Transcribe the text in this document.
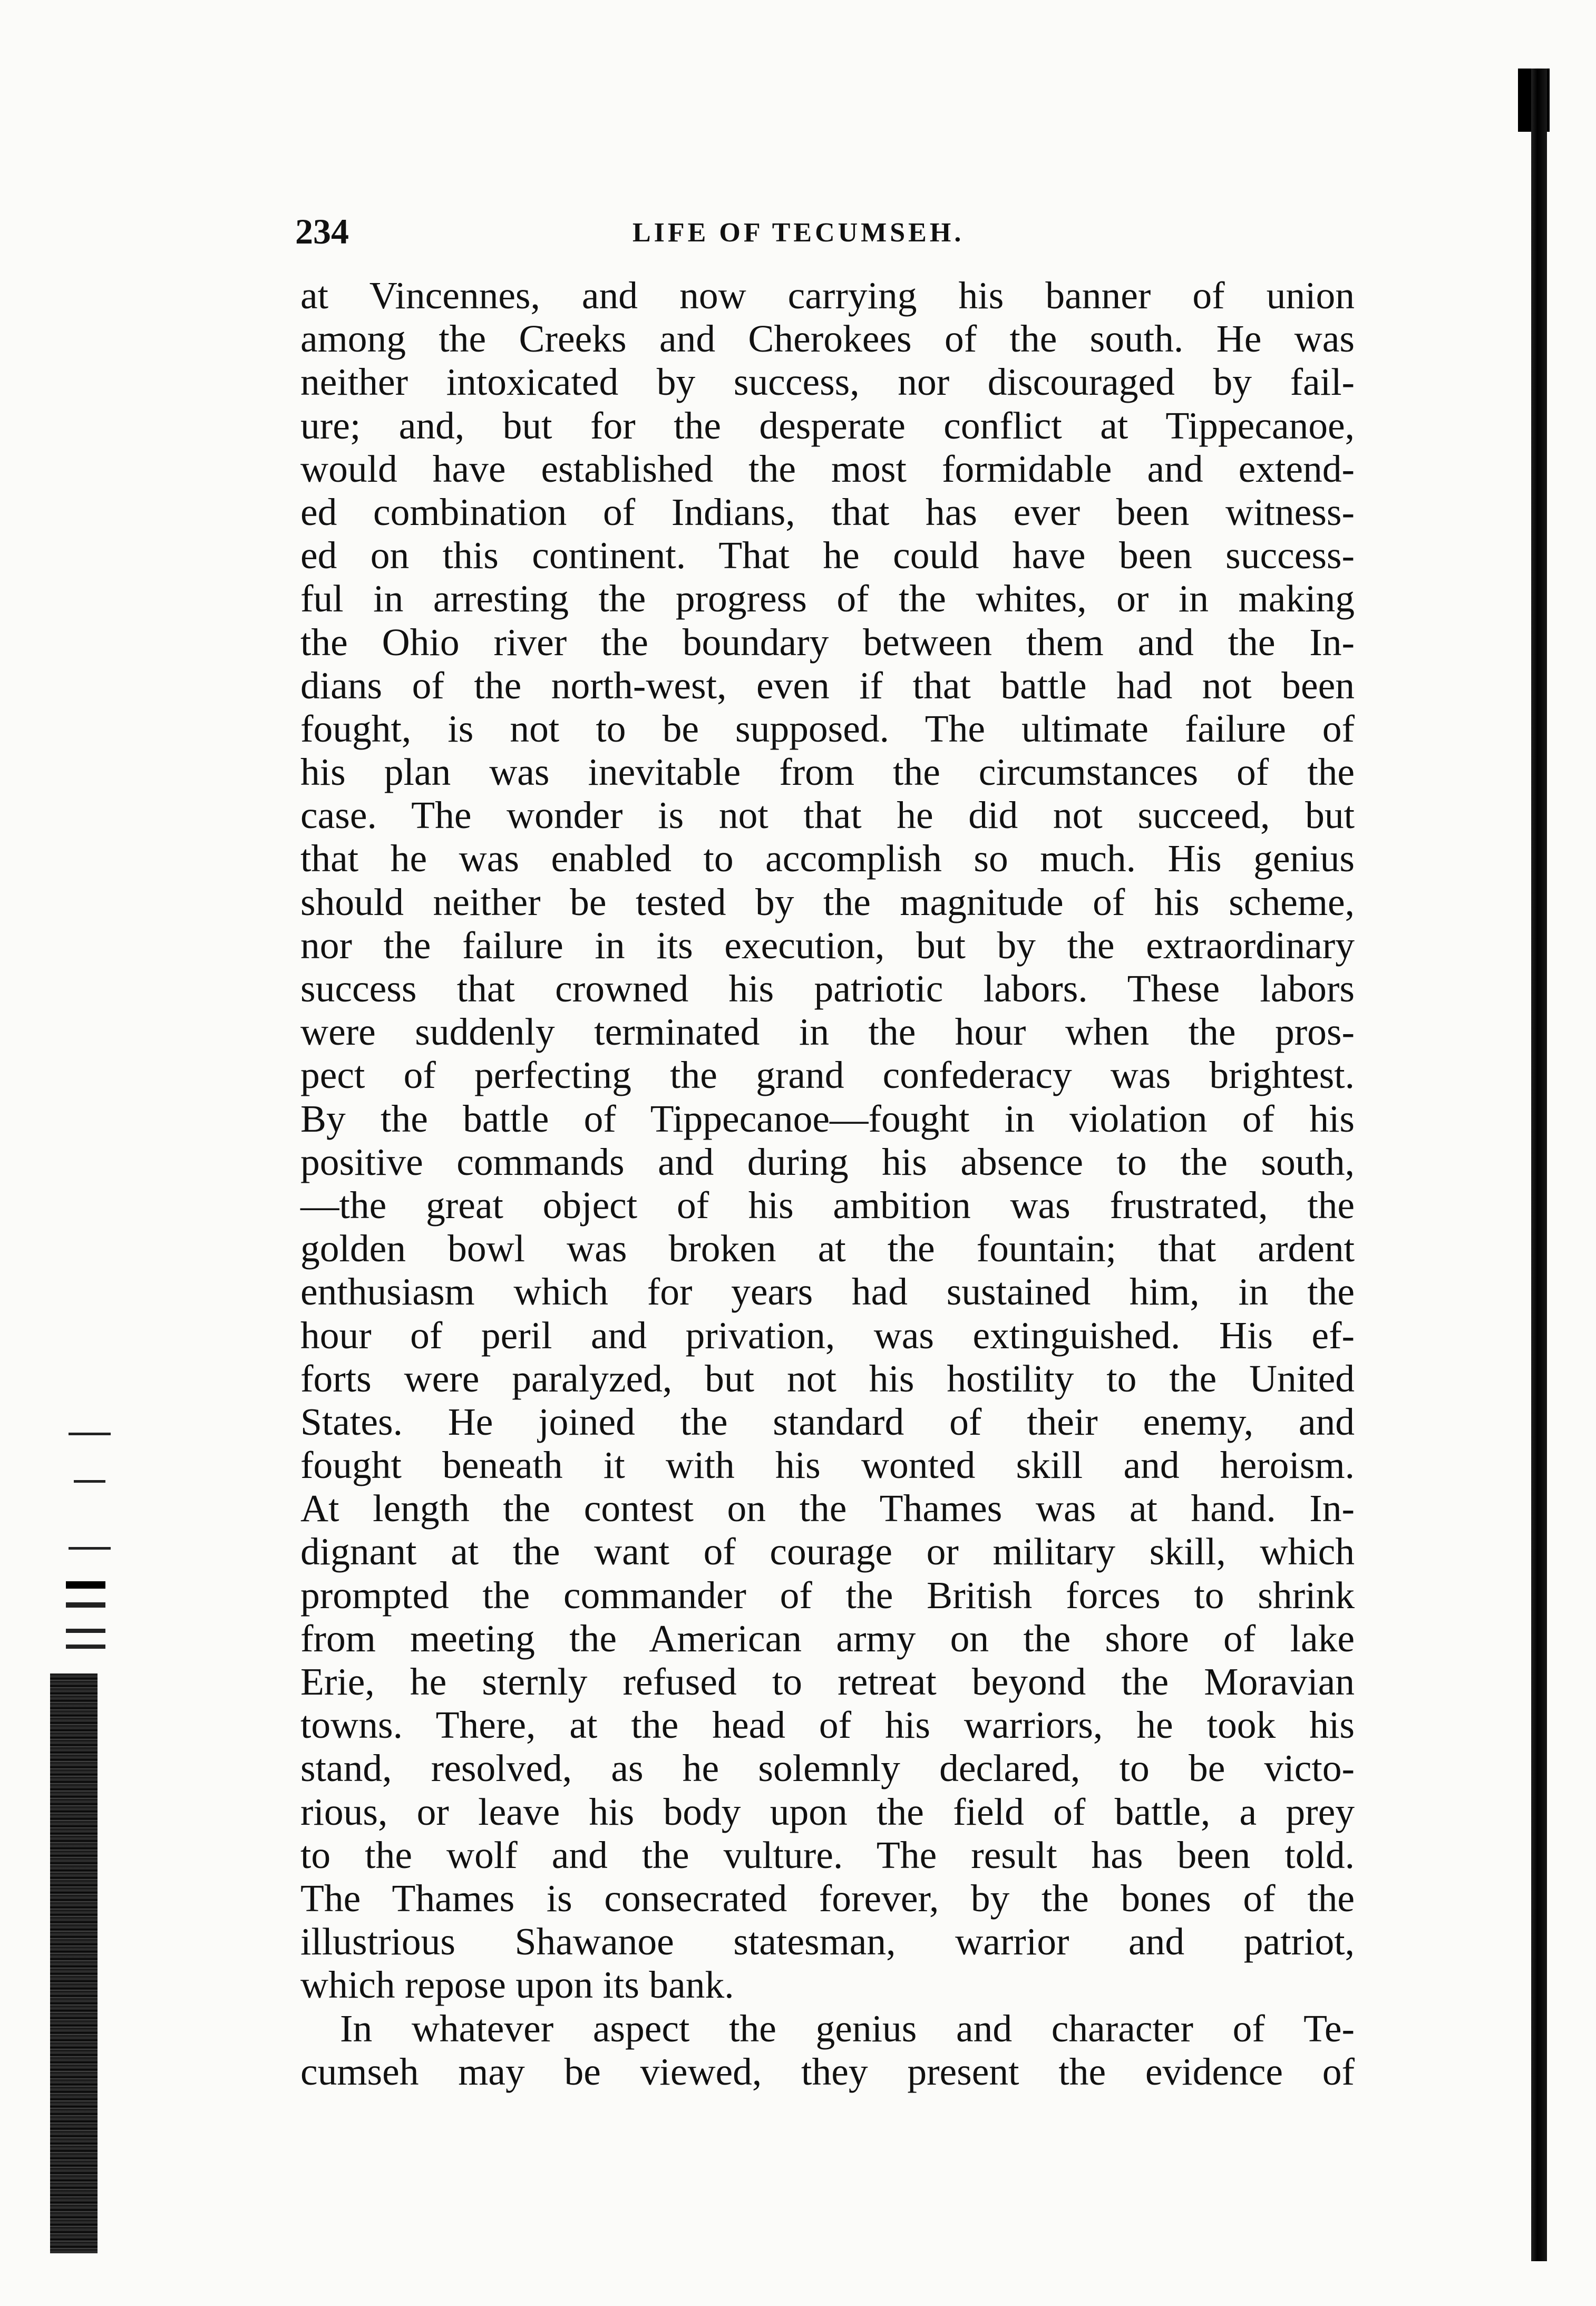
234	LIFE OF TECUMSEH.
at Vincennes, and now carrying his banner of union
among the Creeks and Cherokees of the south. He was
neither intoxicated by success, nor discouraged by fail-
ure; and, but for the desperate conflict at Tippecanoe,
would have established the most formidable and extend-
ed combination of Indians, that has ever been witness-
ed on this continent. That he could have been success-
ful in arresting the progress of the whites, or in making
the Ohio river the boundary between them and the In-
dians of the north-west, even if that battle had not been
fought, is not to be supposed. The ultimate failure of
his plan was inevitable from the circumstances of the
case. The wonder is not that he did not succeed, but
that he was enabled to accomplish so much. His genius
should neither be tested by the magnitude of his scheme,
nor the failure in its execution, but by the extraordinary
success that crowned his patriotic labors. These labors
were suddenly terminated in the hour when the pros-
pect of perfecting the grand confederacy was brightest.
By the battle of Tippecanoe—fought in violation of his
positive commands and during his absence to the south,
—the great object of his ambition was frustrated, the
golden bowl was broken at the fountain; that ardent
enthusiasm which for years had sustained him, in the
hour of peril and privation, was extinguished. His ef-
forts were paralyzed, but not his hostility to the United
States. He joined the standard of their enemy, and
fought beneath it with his wonted skill and heroism.
At length the contest on the Thames was at hand. In-
dignant at the want of courage or military skill, which
prompted the commander of the British forces to shrink
from meeting the American army on the shore of lake
Erie, he sternly refused to retreat beyond the Moravian
towns. There, at the head of his warriors, he took his
stand, resolved, as he solemnly declared, to be victo-
rious, or leave his body upon the field of battle, a prey
to the wolf and the vulture. The result has been told.
The Thames is consecrated forever, by the bones of the
illustrious Shawanoe statesman, warrior and patriot,
which repose upon its bank.
In whatever aspect the genius and character of Te-
cumseh may be viewed, they present the evidence of
